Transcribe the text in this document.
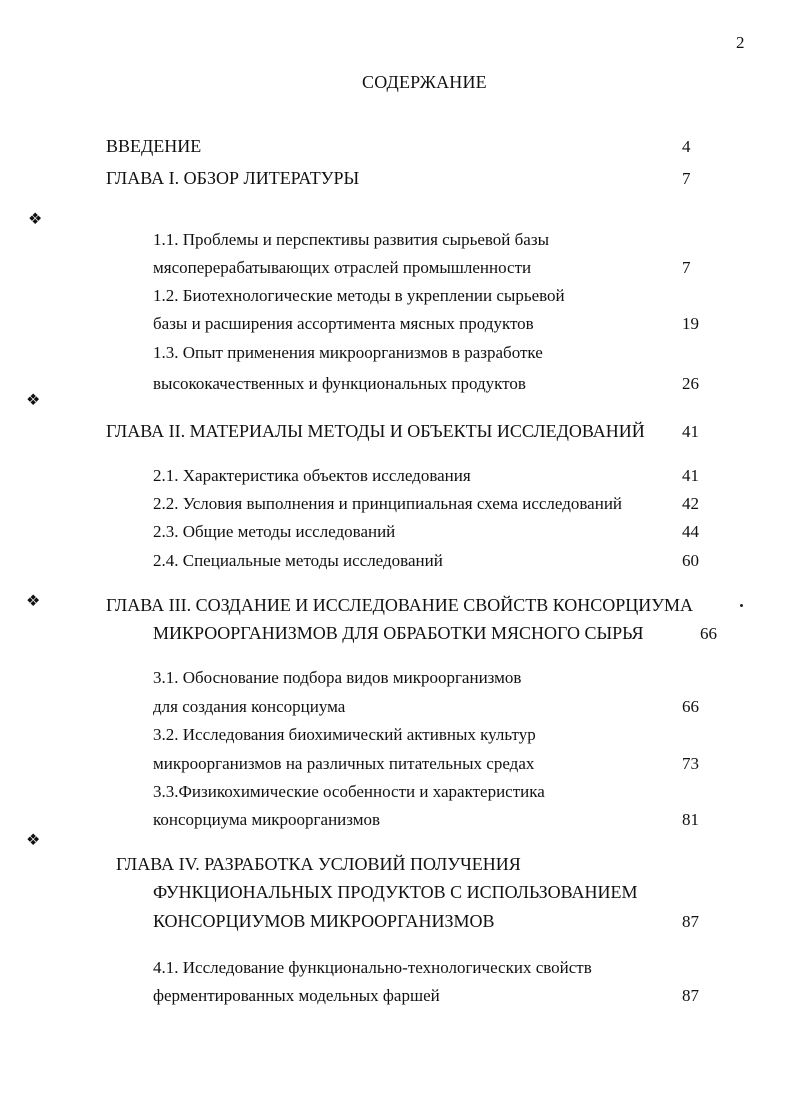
2
СОДЕРЖАНИЕ
❖
❖
❖
❖
ВВЕДЕНИЕ	4
ГЛАВА I. ОБЗОР ЛИТЕРАТУРЫ	7
1.1. Проблемы и перспективы развития сырьевой базы
мясоперерабатывающих отраслей промышленности	7
1.2. Биотехнологические методы в укреплении сырьевой
базы и расширения ассортимента мясных продуктов	19
1.3. Опыт применения микроорганизмов в разработке
высококачественных и функциональных продуктов	26
ГЛАВА II. МАТЕРИАЛЫ МЕТОДЫ И ОБЪЕКТЫ ИССЛЕДОВАНИЙ 41
2.1. Характеристика объектов исследования	41
2.2. Условия выполнения и принципиальная схема исследований	42
2.3. Общие методы исследований	44
2.4. Специальные методы исследований	60
ГЛАВА III. СОЗДАНИЕ И ИССЛЕДОВАНИЕ СВОЙСТВ КОНСОРЦИУМА
МИКРООРГАНИЗМОВ ДЛЯ ОБРАБОТКИ МЯСНОГО СЫРЬЯ	66
3.1. Обоснование подбора видов микроорганизмов
для создания консорциума	66
3.2. Исследования биохимический активных культур
микроорганизмов на различных питательных средах	73
3.3.Физикохимические особенности и характеристика
консорциума микроорганизмов	81
ГЛАВА IV. РАЗРАБОТКА УСЛОВИЙ ПОЛУЧЕНИЯ
ФУНКЦИОНАЛЬНЫХ ПРОДУКТОВ С ИСПОЛЬЗОВАНИЕМ
КОНСОРЦИУМОВ МИКРООРГАНИЗМОВ	87
4.1. Исследование функционально-технологических свойств
ферментированных модельных фаршей	87
